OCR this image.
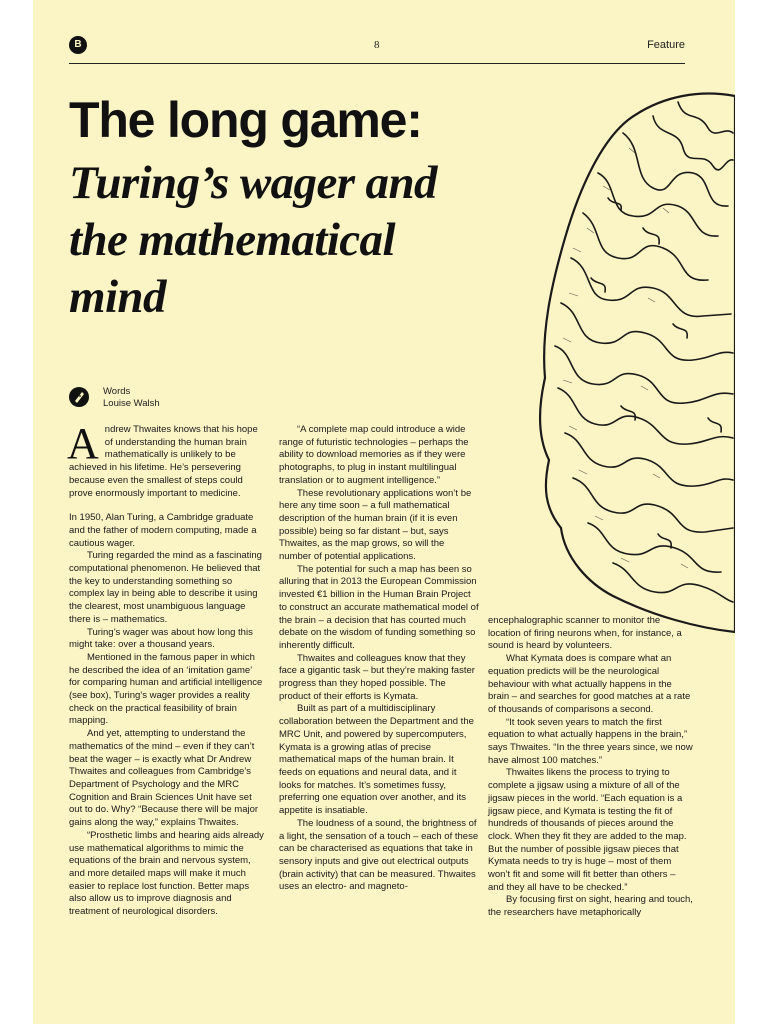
B	8	Feature
The long game:
Turing’s wager and the mathematical mind
Words
Louise Walsh
A ndrew Thwaites knows that his hope of understanding the human brain mathematically is unlikely to be achieved in his lifetime. He’s persevering because even the smallest of steps could prove enormously important to medicine.

In 1950, Alan Turing, a Cambridge graduate and the father of modern computing, made a cautious wager.

Turing regarded the mind as a fascinating computational phenomenon. He believed that the key to understanding something so complex lay in being able to describe it using the clearest, most unambiguous language there is – mathematics.

Turing’s wager was about how long this might take: over a thousand years.

Mentioned in the famous paper in which he described the idea of an ‘imitation game’ for comparing human and artificial intelligence (see box), Turing’s wager provides a reality check on the practical feasibility of brain mapping.

And yet, attempting to understand the mathematics of the mind – even if they can’t beat the wager – is exactly what Dr Andrew Thwaites and colleagues from Cambridge’s Department of Psychology and the MRC Cognition and Brain Sciences Unit have set out to do. Why? “Because there will be major gains along the way,” explains Thwaites.

“Prosthetic limbs and hearing aids already use mathematical algorithms to mimic the equations of the brain and nervous system, and more detailed maps will make it much easier to replace lost function. Better maps also allow us to improve diagnosis and treatment of neurological disorders.

“A complete map could introduce a wide range of futuristic technologies – perhaps the ability to download memories as if they were photographs, to plug in instant multilingual translation or to augment intelligence.”

These revolutionary applications won’t be here any time soon – a full mathematical description of the human brain (if it is even possible) being so far distant – but, says Thwaites, as the map grows, so will the number of potential applications.

The potential for such a map has been so alluring that in 2013 the European Commission invested €1 billion in the Human Brain Project to construct an accurate mathematical model of the brain – a decision that has courted much debate on the wisdom of funding something so inherently difficult.

Thwaites and colleagues know that they face a gigantic task – but they’re making faster progress than they hoped possible. The product of their efforts is Kymata.

Built as part of a multidisciplinary collaboration between the Department and the MRC Unit, and powered by supercomputers, Kymata is a growing atlas of precise mathematical maps of the human brain. It feeds on equations and neural data, and it looks for matches. It’s sometimes fussy, preferring one equation over another, and its appetite is insatiable.

The loudness of a sound, the brightness of a light, the sensation of a touch – each of these can be characterised as equations that take in sensory inputs and give out electrical outputs (brain activity) that can be measured. Thwaites uses an electro- and magneto-

encephalographic scanner to monitor the location of firing neurons when, for instance, a sound is heard by volunteers.

What Kymata does is compare what an equation predicts will be the neurological behaviour with what actually happens in the brain – and searches for good matches at a rate of thousands of comparisons a second.

“It took seven years to match the first equation to what actually happens in the brain,” says Thwaites. “In the three years since, we now have almost 100 matches.”

Thwaites likens the process to trying to complete a jigsaw using a mixture of all of the jigsaw pieces in the world. “Each equation is a jigsaw piece, and Kymata is testing the fit of hundreds of thousands of pieces around the clock. When they fit they are added to the map. But the number of possible jigsaw pieces that Kymata needs to try is huge – most of them won’t fit and some will fit better than others – and they all have to be checked.”

By focusing first on sight, hearing and touch, the researchers have metaphorically
